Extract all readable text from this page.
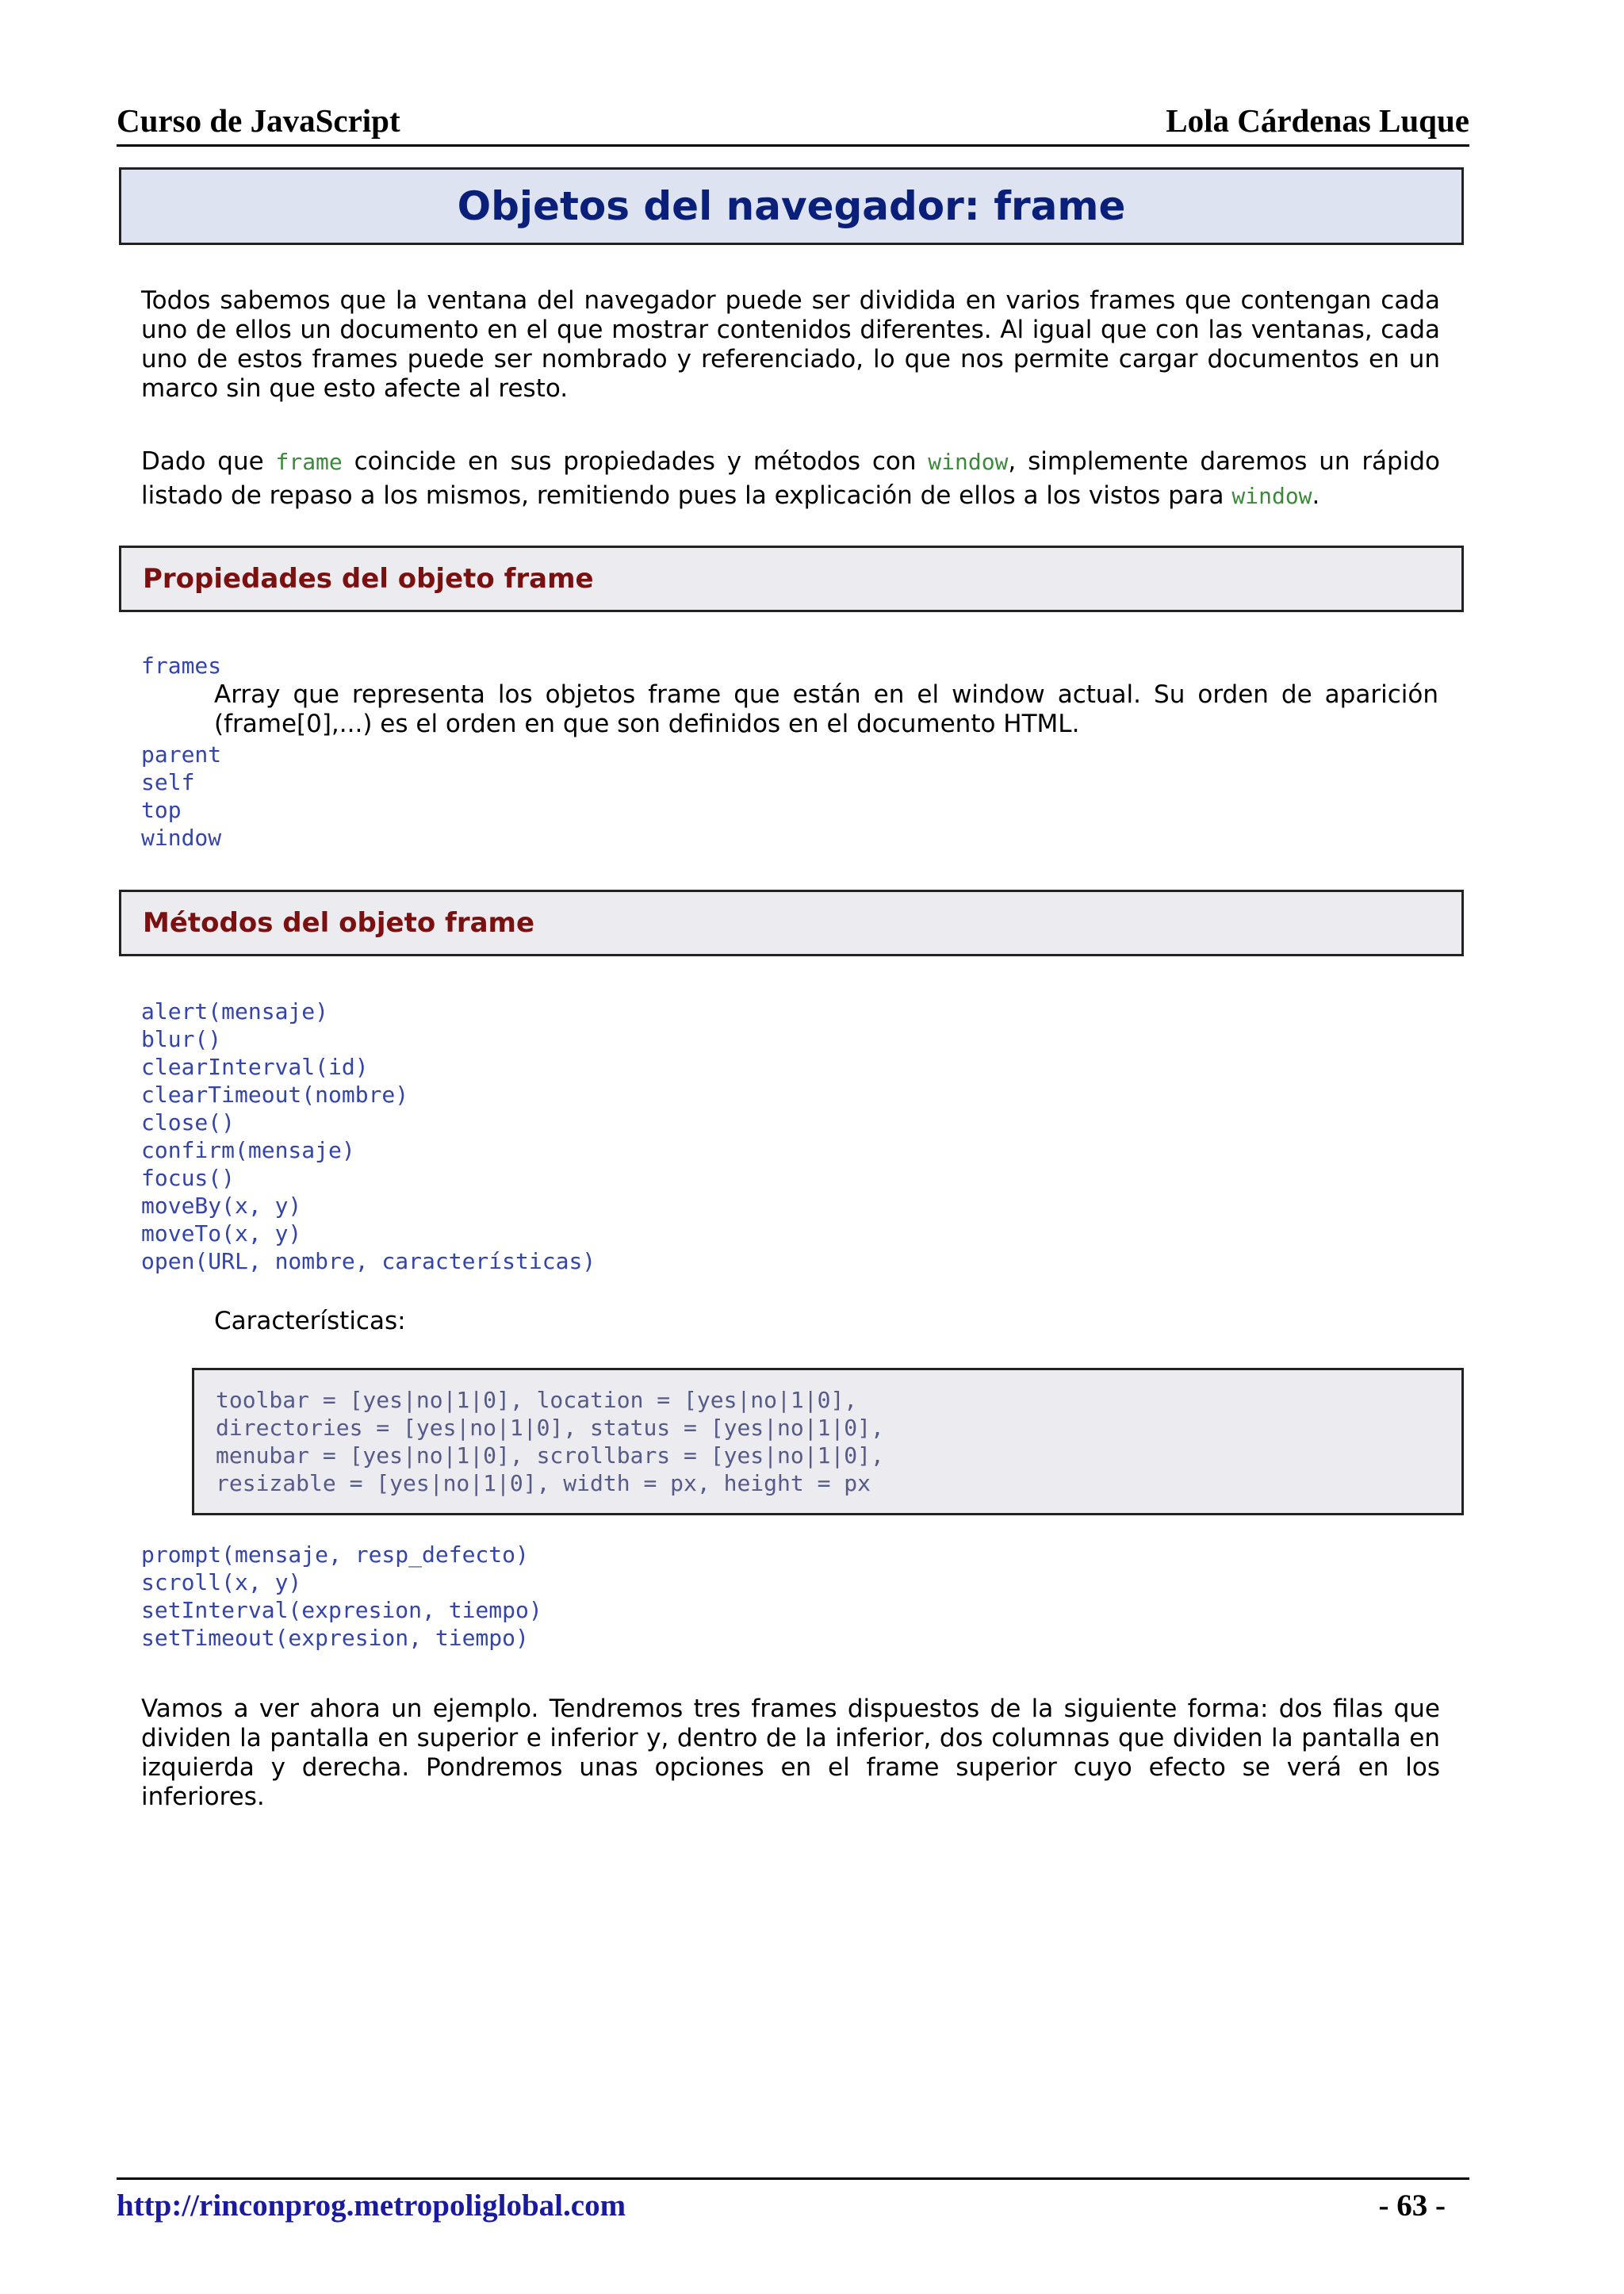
Curso de JavaScript	Lola Cárdenas Luque
Objetos del navegador: frame
Todos sabemos que la ventana del navegador puede ser dividida en varios frames que contengan cada uno de ellos un documento en el que mostrar contenidos diferentes. Al igual que con las ventanas, cada uno de estos frames puede ser nombrado y referenciado, lo que nos permite cargar documentos en un marco sin que esto afecte al resto.
Dado que frame coincide en sus propiedades y métodos con window, simplemente daremos un rápido listado de repaso a los mismos, remitiendo pues la explicación de ellos a los vistos para window.
Propiedades del objeto frame
frames
Array que representa los objetos frame que están en el window actual. Su orden de aparición (frame[0],...) es el orden en que son definidos en el documento HTML.
parent
self
top
window
Métodos del objeto frame
alert(mensaje)
blur()
clearInterval(id)
clearTimeout(nombre)
close()
confirm(mensaje)
focus()
moveBy(x, y)
moveTo(x, y)
open(URL, nombre, características)
Características:
toolbar = [yes|no|1|0], location = [yes|no|1|0],
directories = [yes|no|1|0], status = [yes|no|1|0],
menubar = [yes|no|1|0], scrollbars = [yes|no|1|0],
resizable = [yes|no|1|0], width = px, height = px
prompt(mensaje, resp_defecto)
scroll(x, y)
setInterval(expresion, tiempo)
setTimeout(expresion, tiempo)
Vamos a ver ahora un ejemplo. Tendremos tres frames dispuestos de la siguiente forma: dos filas que dividen la pantalla en superior e inferior y, dentro de la inferior, dos columnas que dividen la pantalla en izquierda y derecha. Pondremos unas opciones en el frame superior cuyo efecto se verá en los inferiores.
http://rinconprog.metropoliglobal.com	- 63 -
